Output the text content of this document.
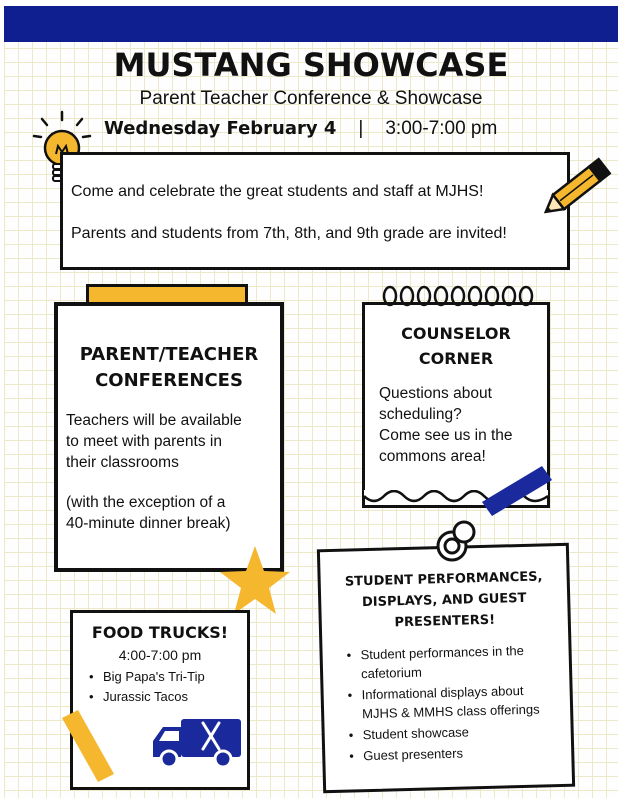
MUSTANG SHOWCASE
Parent Teacher Conference & Showcase
Wednesday February 4 | 3:00-7:00 pm

Come and celebrate the great students and staff at MJHS!

Parents and students from 7th, 8th, and 9th grade are invited!

PARENT/TEACHER
CONFERENCES
Teachers will be available
to meet with parents in
their classrooms
(with the exception of a
40-minute dinner break)
COUNSELOR
CORNER
Questions about
scheduling?
Come see us in the
commons area!
FOOD TRUCKS!
4:00-7:00 pm
• Big Papa's Tri-Tip
• Jurassic Tacos
STUDENT PERFORMANCES,
DISPLAYS, AND GUEST
PRESENTERS!
• Student performances in the
cafetorium
• Informational displays about
MJHS & MMHS class offerings
• Student showcase
• Guest presenters
